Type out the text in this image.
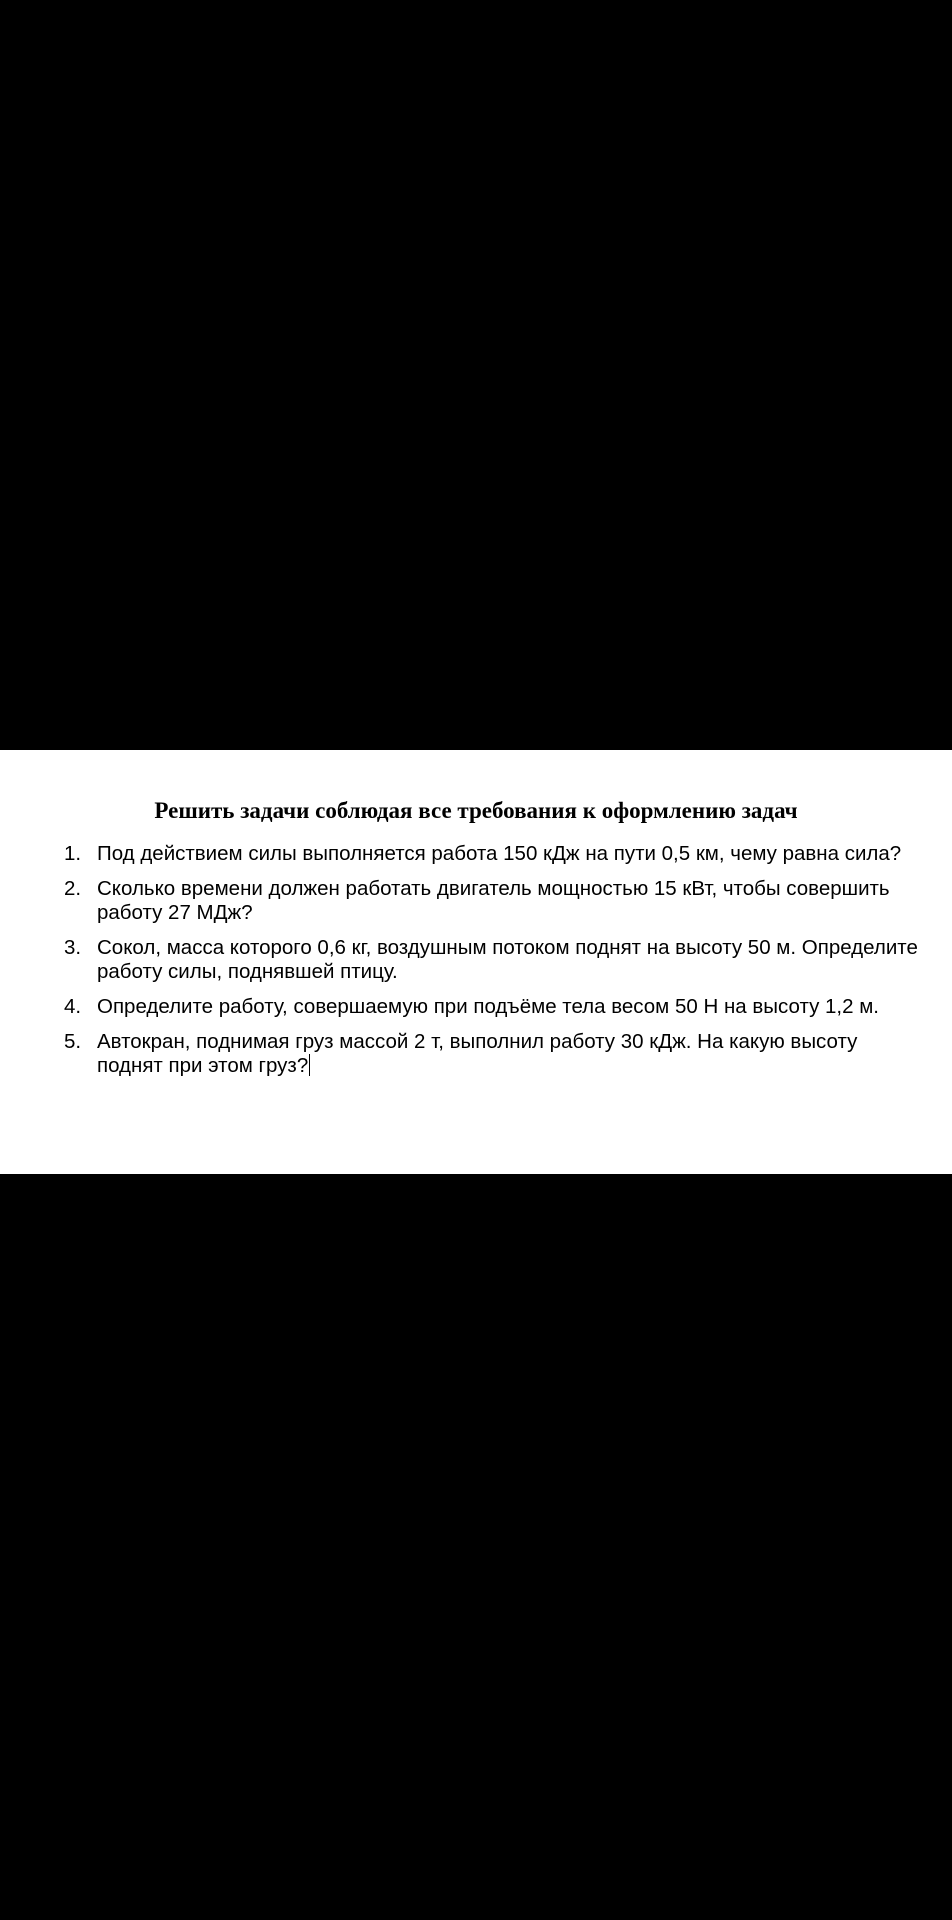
Решить задачи соблюдая все требования к оформлению задач
1. Под действием силы выполняется работа 150 кДж на пути 0,5 км, чему равна сила?
2. Сколько времени должен работать двигатель мощностью 15 кВт, чтобы совершить работу 27 МДж?
3. Сокол, масса которого 0,6 кг, воздушным потоком поднят на высоту 50 м. Определите работу силы, поднявшей птицу.
4. Определите работу, совершаемую при подъёме тела весом 50 Н на высоту 1,2 м.
5. Автокран, поднимая груз массой 2 т, выполнил работу 30 кДж. На какую высоту поднят при этом груз?
